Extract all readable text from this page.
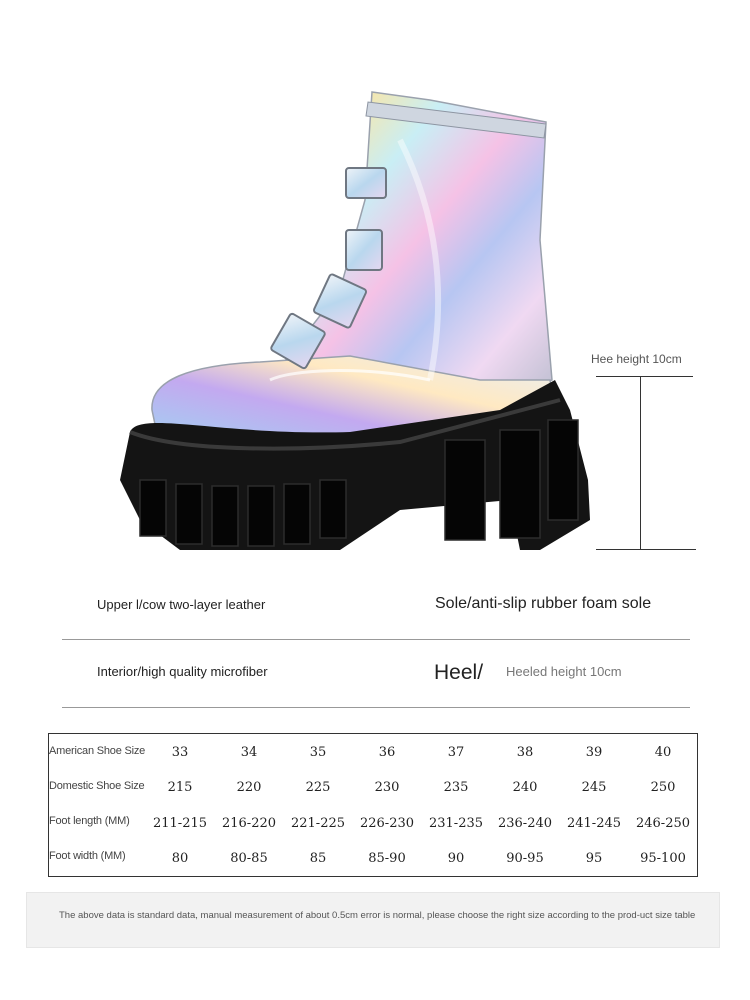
Hee height 10cm
Upper l/cow two-layer leather	Sole/anti-slip rubber foam sole
Interior/high quality microfiber	Heel/ Heeled height 10cm
American Shoe Size	33	34	35	36	37	38	39	40
Domestic Shoe Size	215	220	225	230	235	240	245	250
Foot length (MM)	211-215	216-220	221-225	226-230	231-235	236-240	241-245	246-250
Foot width (MM)	80	80-85	85	85-90	90	90-95	95	95-100
The above data is standard data, manual measurement of about 0.5cm error is normal, please choose the right size according to the prod-uct size table
